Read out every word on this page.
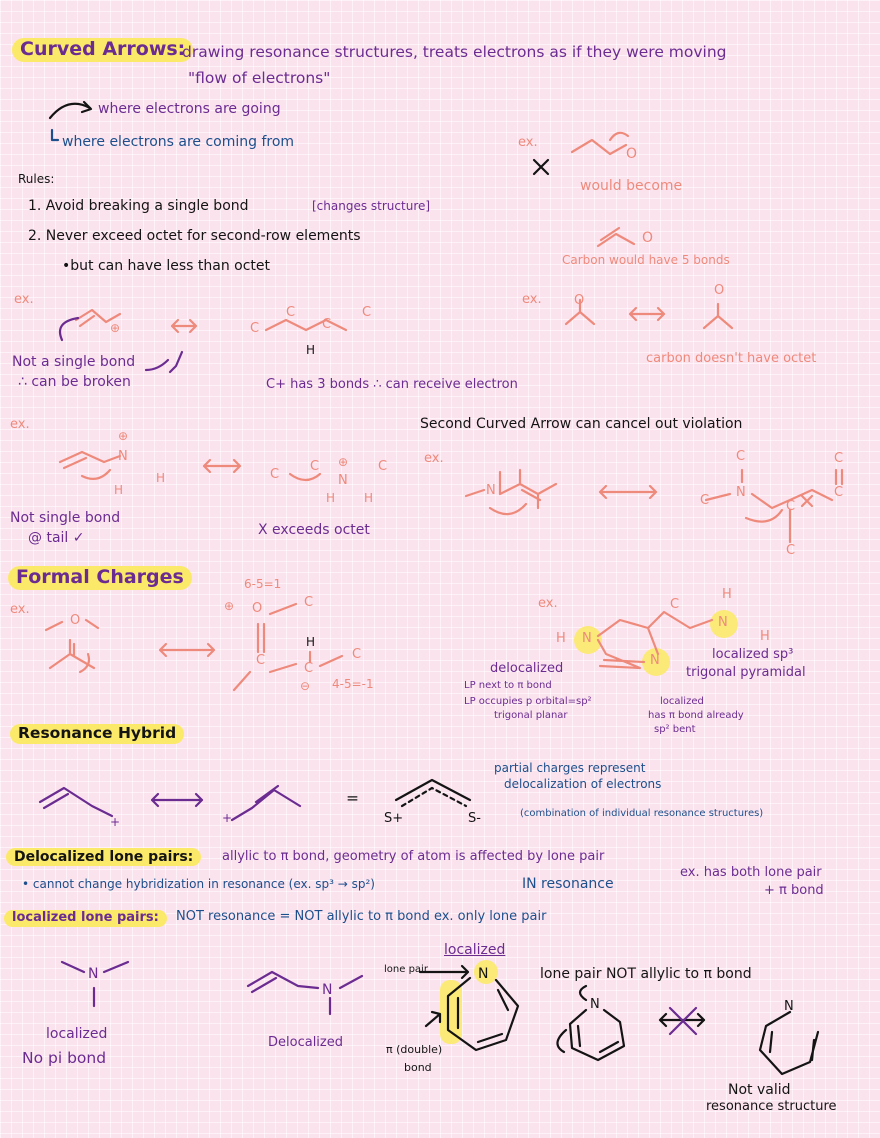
Curved Arrows:
drawing resonance structures, treats electrons as if they were moving
"flow of electrons"
where electrons are going
where electrons are coming from	ex.
O
would become
O
Carbon would have 5 bonds
Rules:
1. Avoid breaking a single bond	[changes structure]
2. Never exceed octet for second-row elements
•but can have less than octet
ex.
⊕	C
C
C
C
H
Not a single bond
∴ can be broken	C+ has 3 bonds ∴ can receive electron
ex. O
O
carbon doesn't have octet
ex.
⊕
N
H
H	C
C ⊕
N
C
H H
Not single bond
@ tail ✓	X exceeds octet
Second Curved Arrow can cancel out violation
ex.
N
C
N
C	C
C
C
C
Formal Charges
ex.
O
6-5=1
⊕ O	C
C
C
C
H
⊖ 4-5=-1
ex.
H N
N
C
H
N
H
delocalized
LP next to π bond
LP occupies p orbital=sp²
trigonal planar
localized
has π bond already
sp² bent
localized sp³
trigonal pyramidal
Resonance Hybrid
+	+
=
S+	S-
partial charges represent
delocalization of electrons
(combination of individual resonance structures)
Delocalized lone pairs:	allylic to π bond, geometry of atom is affected by lone pair
• cannot change hybridization in resonance (ex. sp³ → sp²)	IN resonance
ex. has both lone pair
+ π bond
localized lone pairs:	NOT resonance = NOT allylic to π bond ex. only lone pair
N
localized
No pi bond
N
Delocalized
localized
lone pair	N
π (double)
bond
lone pair NOT allylic to π bond
N	N
Not valid
resonance structure
